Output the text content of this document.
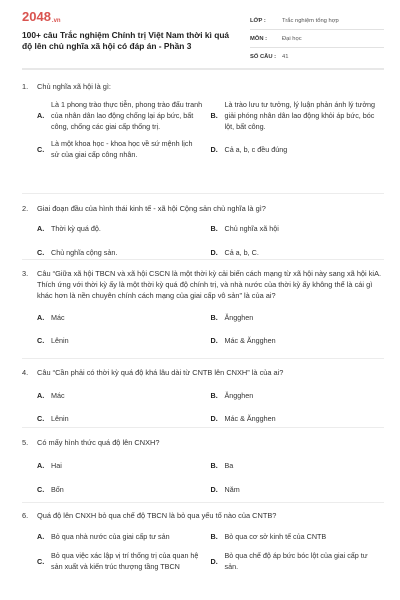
2048.vn
100+ câu Trắc nghiệm Chính trị Việt Nam thời kì quá độ lên chủ nghĩa xã hội có đáp án - Phần 3
LỚP :	Trắc nghiệm tổng hợp
MÔN :	Đại học
SỐ CÂU :	41
1.	Chủ nghĩa xã hội là gì:
A.
Là 1 phong trào thực tiễn, phong trào đấu tranh của nhân dân lao động chống lại áp bức, bất công, chống các giai cấp thống trị.
B.
Là trào lưu tư tưởng, lý luận phản ánh lý tưởng giải phóng nhân dân lao động khỏi áp bức, bóc lột, bất công.
C.
Là một khoa học - khoa học về sứ mệnh lịch sử của giai cấp công nhân.
D. Cả a, b, c đều đúng
2.	Giai đoạn đầu của hình thái kinh tế - xã hội Cộng sản chủ nghĩa là gì?
A. Thời kỳ quá độ.	B. Chủ nghĩa xã hội
C. Chủ nghĩa cộng sản.	D. Cả a, b, C.
3.	Câu “Giữa xã hội TBCN và xã hội CSCN là một thời kỳ cải biến cách mạng từ xã hội này sang xã hội kiA. Thích ứng với thời kỳ ấy là một thời kỳ quá độ chính trị, và nhà nước của thời kỳ ấy không thể là cái gì khác hơn là nền chuyên chính cách mạng của giai cấp vô sản” là của ai?
A. Mác	B. Ăngghen
C. Lênin	D. Mác & Ăngghen
4.	Câu “Cần phải có thời kỳ quá độ khá lâu dài từ CNTB lên CNXH” là của ai?
A. Mác	B. Ăngghen
C. Lênin	D. Mác & Ăngghen
5.	Có mấy hình thức quá độ lên CNXH?
A. Hai	B. Ba
C. Bốn	D. Năm
6.	Quá độ lên CNXH bỏ qua chế độ TBCN là bỏ qua yếu tố nào của CNTB?
A. Bỏ qua nhà nước của giai cấp tư sản	B. Bỏ qua cơ sở kinh tế của CNTB
C.
Bỏ qua việc xác lập vị trí thống trị của quan hệ sản xuất và kiến trúc thượng tầng TBCN
D.
Bỏ qua chế độ áp bức bóc lột của giai cấp tư sản.
